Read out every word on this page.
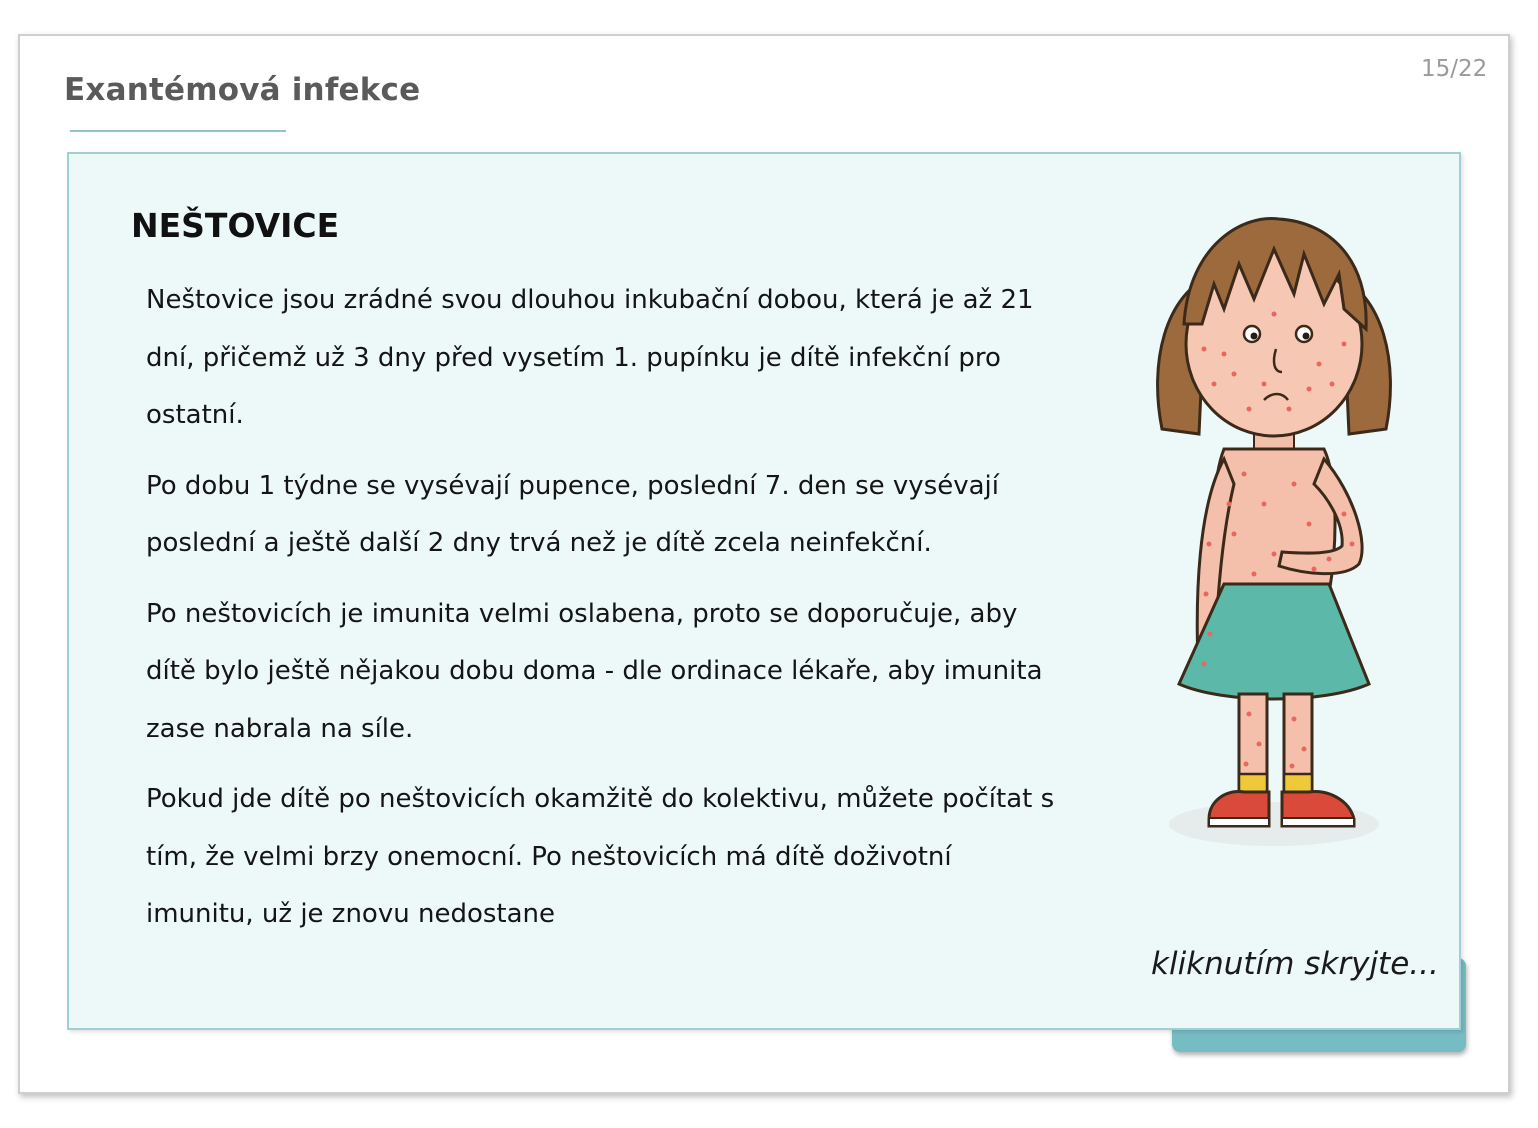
Exantémová infekce
15/22
NEŠTOVICE

Neštovice jsou zrádné svou dlouhou inkubační dobou, která je až 21 dní, přičemž už 3 dny před vysetím 1. pupínku je dítě infekční pro ostatní.

Po dobu 1 týdne se vysévají pupence, poslední 7. den se vysévají poslední a ještě další 2 dny trvá než je dítě zcela neinfekční.

Po neštovicích je imunita velmi oslabena, proto se doporučuje, aby dítě bylo ještě nějakou dobu doma - dle ordinace lékaře, aby imunita zase nabrala na síle.

Pokud jde dítě po neštovicích okamžitě do kolektivu, můžete počítat s tím, že velmi brzy onemocní. Po neštovicích má dítě doživotní imunitu, už je znovu nedostane

kliknutím skryjte...
